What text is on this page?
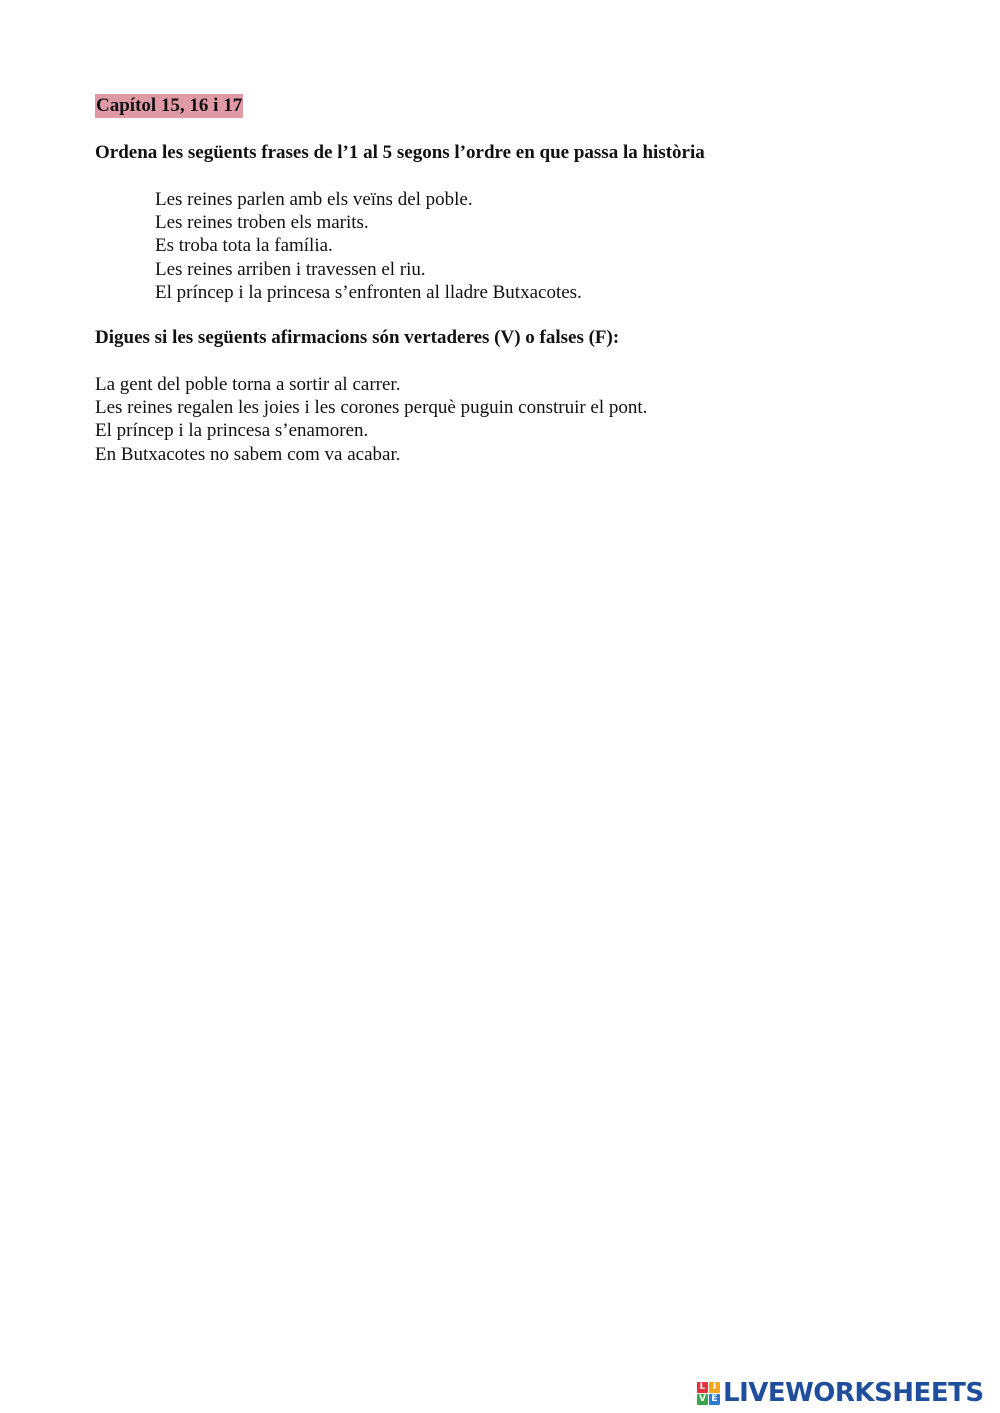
Capítol 15, 16 i 17
Ordena les següents frases de l’1 al 5 segons l’ordre en que passa la història
Les reines parlen amb els veïns del poble.
Les reines troben els marits.
Es troba tota la família.
Les reines arriben i travessen el riu.
El príncep i la princesa s’enfronten al lladre Butxacotes.
Digues si les següents afirmacions són vertaderes (V) o falses (F):
La gent del poble torna a sortir al carrer.
Les reines regalen les joies i les corones perquè puguin construir el pont.
El príncep i la princesa s’enamoren.
En Butxacotes no sabem com va acabar.
L I
V E LIVEWORKSHEETS
